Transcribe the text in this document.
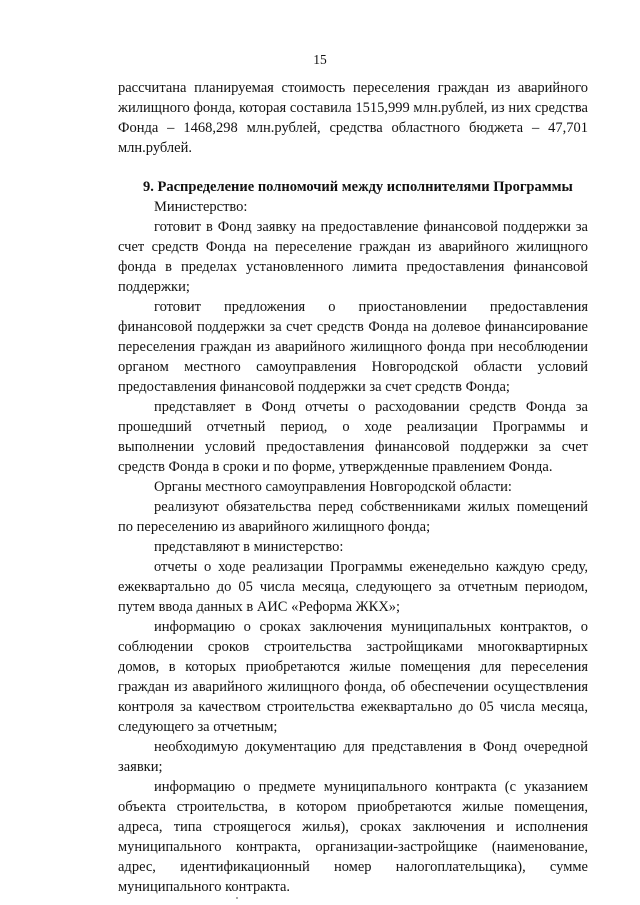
15

рассчитана планируемая стоимость переселения граждан из аварийного жилищного фонда, которая составила 1515,999 млн.рублей, из них средства Фонда – 1468,298 млн.рублей, средства областного бюджета – 47,701 млн.рублей.

9. Распределение полномочий между исполнителями Программы

Министерство:

готовит в Фонд заявку на предоставление финансовой поддержки за счет средств Фонда на переселение граждан из аварийного жилищного фонда в пределах установленного лимита предоставления финансовой поддержки;

готовит предложения о приостановлении предоставления финансовой поддержки за счет средств Фонда на долевое финансирование переселения граждан из аварийного жилищного фонда при несоблюдении органом местного самоуправления Новгородской области условий предоставления финансовой поддержки за счет средств Фонда;

представляет в Фонд отчеты о расходовании средств Фонда за прошедший отчетный период, о ходе реализации Программы и выполнении условий предоставления финансовой поддержки за счет средств Фонда в сроки и по форме, утвержденные правлением Фонда.

Органы местного самоуправления Новгородской области:

реализуют обязательства перед собственниками жилых помещений по переселению из аварийного жилищного фонда;

представляют в министерство:

отчеты о ходе реализации Программы еженедельно каждую среду, ежеквартально до 05 числа месяца, следующего за отчетным периодом, путем ввода данных в АИС «Реформа ЖКХ»;

информацию о сроках заключения муниципальных контрактов, о соблюдении сроков строительства застройщиками многоквартирных домов, в которых приобретаются жилые помещения для переселения граждан из аварийного жилищного фонда, об обеспечении осуществления контроля за качеством строительства ежеквартально до 05 числа месяца, следующего за отчетным;

необходимую документацию для представления в Фонд очередной заявки;

информацию о предмете муниципального контракта (с указанием объекта строительства, в котором приобретаются жилые помещения, адреса, типа строящегося жилья), сроках заключения и исполнения муниципального контракта, организации-застройщике (наименование, адрес, идентификационный номер налогоплательщика), сумме муниципального контракта.
